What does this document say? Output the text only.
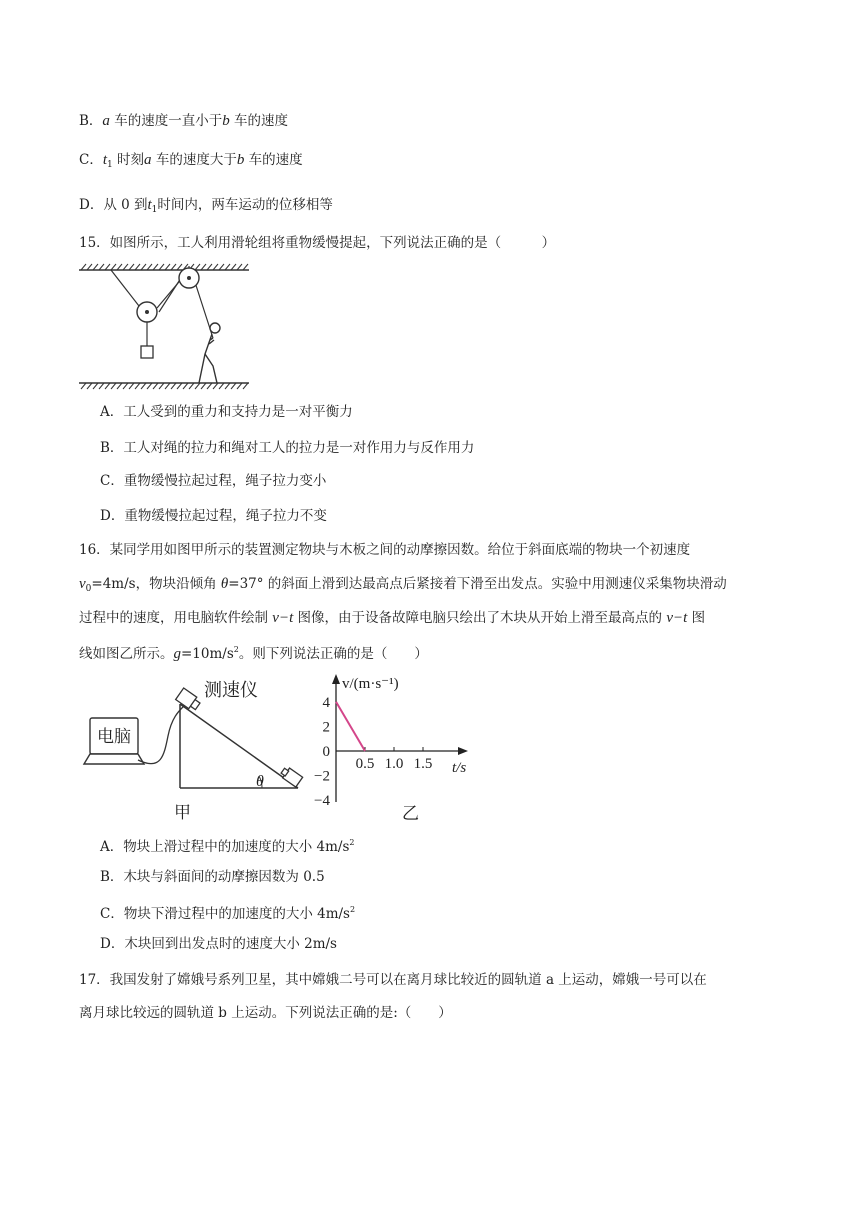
B．a 车的速度一直小于b 车的速度
C．$t_1$ 时刻a 车的速度大于b 车的速度
D．从 0 到$t_1$时间内，两车运动的位移相等
15．如图所示，工人利用滑轮组将重物缓慢提起，下列说法正确的是（　　　）
A．工人受到的重力和支持力是一对平衡力
B．工人对绳的拉力和绳对工人的拉力是一对作用力与反作用力
C．重物缓慢拉起过程，绳子拉力变小
D．重物缓慢拉起过程，绳子拉力不变
16．某同学用如图甲所示的装置测定物块与木板之间的动摩擦因数。给位于斜面底端的物块一个初速度
$v_0=4m/s$，物块沿倾角 θ=37° 的斜面上滑到达最高点后紧接着下滑至出发点。实验中用测速仪采集物块滑动
过程中的速度，用电脑软件绘制 v−t 图像，由于设备故障电脑只绘出了木块从开始上滑至最高点的 v−t 图
线如图乙所示。$g=10m/s^2$。则下列说法正确的是（　　）
电脑
θ
测速仪
甲
v/(m·s⁻¹)
t/s
乙
0.5 1.0 1.5
4
2
0
−2
−4
A．物块上滑过程中的加速度的大小 $4m/s^2$
B．木块与斜面间的动摩擦因数为 0.5
C．物块下滑过程中的加速度的大小 $4m/s^2$
D．木块回到出发点时的速度大小 2m/s
17．我国发射了嫦娥号系列卫星，其中嫦娥二号可以在离月球比较近的圆轨道 a 上运动，嫦娥一号可以在
离月球比较远的圆轨道 b 上运动。下列说法正确的是:（　　）
